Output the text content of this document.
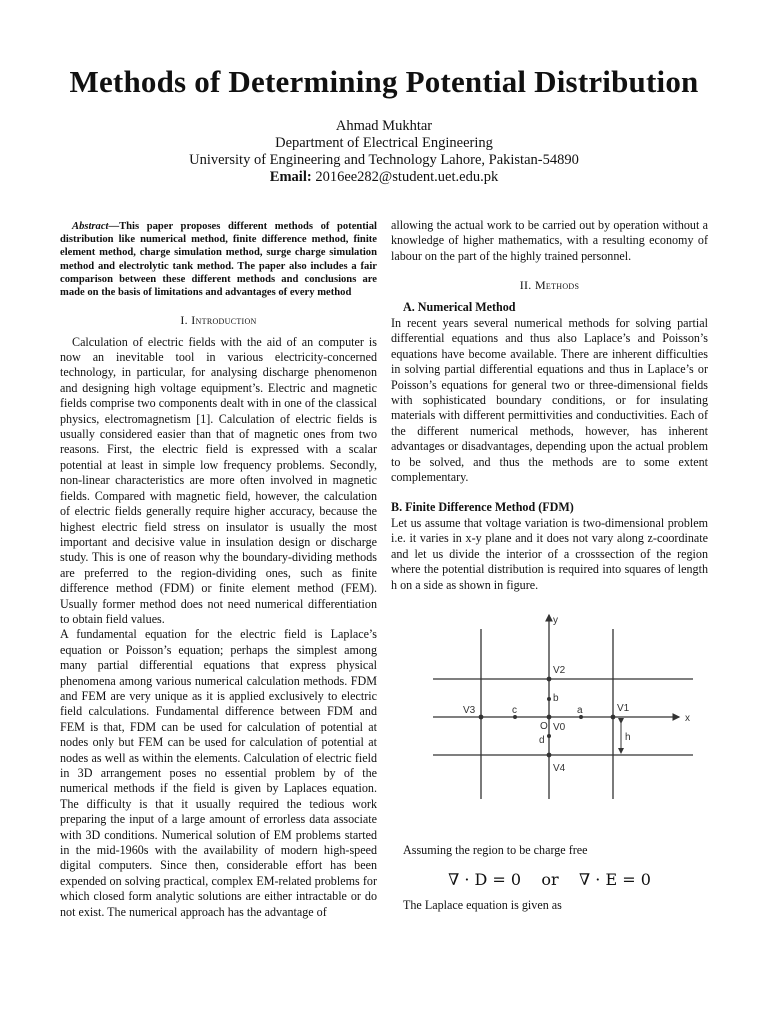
Methods of Determining Potential Distribution
Ahmad Mukhtar
Department of Electrical Engineering
University of Engineering and Technology Lahore, Pakistan-54890
Email: 2016ee282@student.uet.edu.pk

Abstract—This paper proposes different methods of potential distribution like numerical method, finite difference method, finite element method, charge simulation method, surge charge simulation method and electrolytic tank method. The paper also includes a fair comparison between these different methods and conclusions are made on the basis of limitations and advantages of every method

I. Introduction

Calculation of electric fields with the aid of an computer is now an inevitable tool in various electricity-concerned technology, in particular, for analysing discharge phenomenon and designing high voltage equipment’s. Electric and magnetic fields comprise two components dealt with in one of the classical physics, electromagnetism [1]. Calculation of electric fields is usually considered easier than that of magnetic ones from two reasons. First, the electric field is expressed with a scalar potential at least in simple low frequency problems. Secondly, non-linear characteristics are more often involved in magnetic fields. Compared with magnetic field, however, the calculation of electric fields generally require higher accuracy, because the highest electric field stress on insulator is usually the most important and decisive value in insulation design or discharge study. This is one of reason why the boundary-dividing methods are preferred to the region-dividing ones, such as finite difference method (FDM) or finite element method (FEM). Usually former method does not need numerical differentiation to obtain field values.

A fundamental equation for the electric field is Laplace’s equation or Poisson’s equation; perhaps the simplest among many partial differential equations that express physical phenomena among various numerical calculation methods. FDM and FEM are very unique as it is applied exclusively to electric field calculations. Fundamental difference between FDM and FEM is that, FDM can be used for calculation of potential at nodes only but FEM can be used for calculation of potential at nodes as well as within the elements. Calculation of electric field in 3D arrangement poses no essential problem by of the numerical methods if the field is given by Laplaces equation. The difficulty is that it usually required the tedious work preparing the input of a large amount of errorless data associate with 3D conditions. Numerical solution of EM problems started in the mid-1960s with the availability of modern high-speed digital computers. Since then, considerable effort has been expended on solving practical, complex EM-related problems for which closed form analytic solutions are either intractable or do not exist. The numerical approach has the advantage of

allowing the actual work to be carried out by operation without a knowledge of higher mathematics, with a resulting economy of labour on the part of the highly trained personnel.

II. Methods
A. Numerical Method

In recent years several numerical methods for solving partial differential equations and thus also Laplace’s and Poisson’s equations have become available. There are inherent difficulties in solving partial differential equations and thus in Laplace’s or Poisson’s equations for general two or three-dimensional fields with sophisticated boundary conditions, or for insulating materials with different permittivities and conductivities. Each of the different numerical methods, however, has inherent advantages or disadvantages, depending upon the actual problem to be solved, and thus the methods are to some extent complementary.

B. Finite Difference Method (FDM)

Let us assume that voltage variation is two-dimensional problem i.e. it varies in x-y plane and it does not vary along z-coordinate and let us divide the interior of a crosssection of the region where the potential distribution is required into squares of length h on a side as shown in figure.

y
x
V2
V4
V3	V1
V0
O
a
b
c
d	h

Assuming the region to be charge free

∇ · D = 0 or ∇ · E = 0

The Laplace equation is given as
